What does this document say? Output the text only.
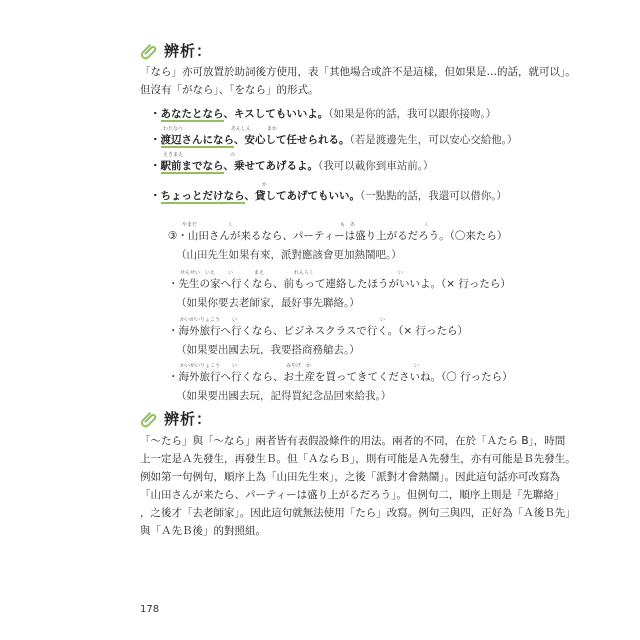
辨析：
「なら」亦可放置於助詞後方使用，表「其他場合或許不是這樣，但如果是…的話，就可以」。
但沒有「がなら」、「をなら」的形式。
・あなたとなら、キスしてもいいよ。（如果是你的話，我可以跟你接吻。）
わたなべ	あんしん	まか
・渡辺さんになら、安心して任せられる。（若是渡邊先生，可以安心交給他。）
えきまえ	の
・駅前までなら、乗せてあげるよ。（我可以載你到車站前。）
か
・ちょっとだけなら、貸してあげてもいい。（一點點的話，我還可以借你。）
やまだ	く	も　あ	く
③・山田さんが来るなら、パーティーは盛り上がるだろう。（〇来たら）
（山田先生如果有來，派對應該會更加熱鬧吧。）
せんせい　いえ	い	まえ	れんらく	い
・先生の家へ行くなら、前もって連絡したほうがいいよ。（× 行ったら）
（如果你要去老師家，最好事先聯絡。）
かいがいりょこう い	い
・海外旅行へ行くなら、ビジネスクラスで行く。（× 行ったら）
（如果要出國去玩，我要搭商務艙去。）
かいがいりょこう い	みやげ　か	い
・海外旅行へ行くなら、お土産を買ってきてくださいね。（〇 行ったら）
（如果要出國去玩，記得買紀念品回來給我。）
辨析：
「～たら」與「～なら」兩者皆有表假設條件的用法。兩者的不同，在於「Ａたら B」，時間
上一定是Ａ先發生，再發生Ｂ。但「ＡならＢ」，則有可能是Ａ先發生，亦有可能是Ｂ先發生。
例如第一句例句，順序上為「山田先生來」，之後「派對才會熱鬧」。因此這句話亦可改寫為
「山田さんが来たら、パーティーは盛り上がるだろう」。但例句二，順序上則是「先聯絡」
，之後才「去老師家」。因此這句就無法使用「たら」改寫。例句三與四，正好為「Ａ後Ｂ先」
與「Ａ先Ｂ後」的對照組。
178
